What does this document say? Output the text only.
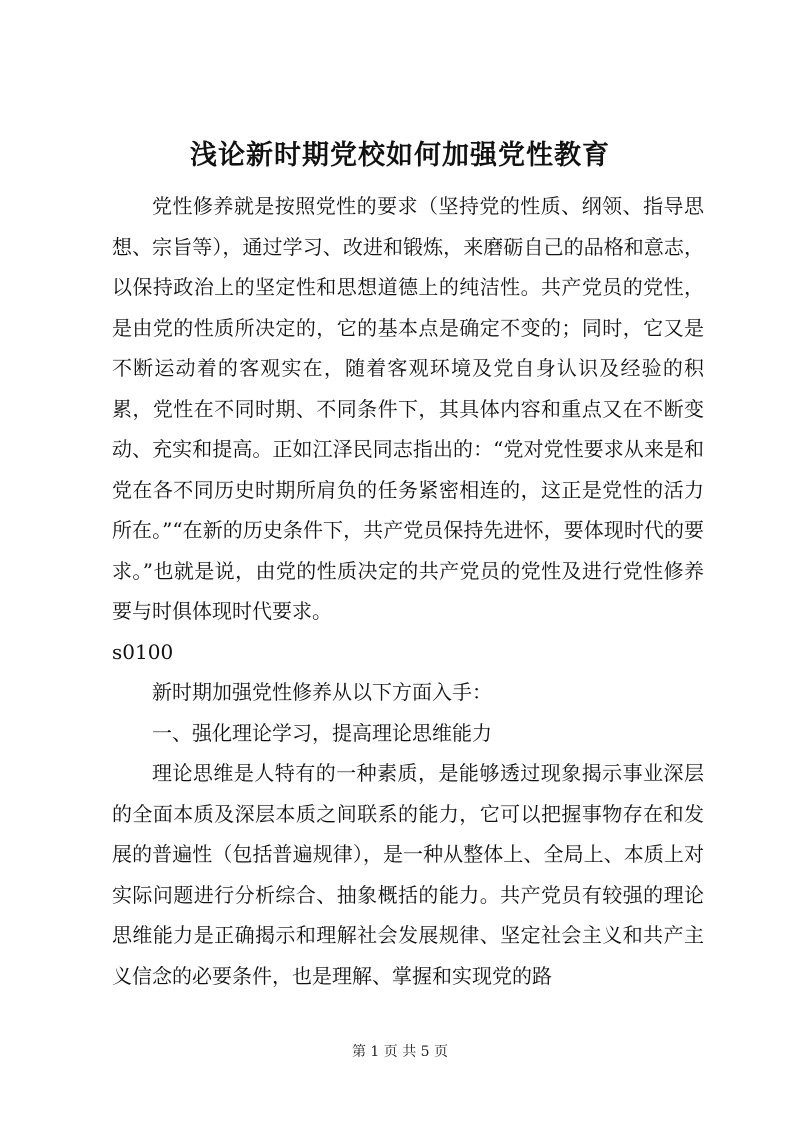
浅论新时期党校如何加强党性教育

党性修养就是按照党性的要求（坚持党的性质、纲领、指导思想、宗旨等），通过学习、改进和锻炼，来磨砺自己的品格和意志，以保持政治上的坚定性和思想道德上的纯洁性。共产党员的党性，是由党的性质所决定的，它的基本点是确定不变的；同时，它又是不断运动着的客观实在，随着客观环境及党自身认识及经验的积累，党性在不同时期、不同条件下，其具体内容和重点又在不断变动、充实和提高。正如江泽民同志指出的：“党对党性要求从来是和党在各不同历史时期所肩负的任务紧密相连的，这正是党性的活力所在。”“在新的历史条件下，共产党员保持先进怀，要体现时代的要求。”也就是说，由党的性质决定的共产党员的党性及进行党性修养要与时俱体现时代要求。

s0100

新时期加强党性修养从以下方面入手：

一、强化理论学习，提高理论思维能力

理论思维是人特有的一种素质，是能够透过现象揭示事业深层的全面本质及深层本质之间联系的能力，它可以把握事物存在和发展的普遍性（包括普遍规律），是一种从整体上、全局上、本质上对实际问题进行分析综合、抽象概括的能力。共产党员有较强的理论思维能力是正确揭示和理解社会发展规律、坚定社会主义和共产主义信念的必要条件，也是理解、掌握和实现党的路

第 1 页 共 5 页
